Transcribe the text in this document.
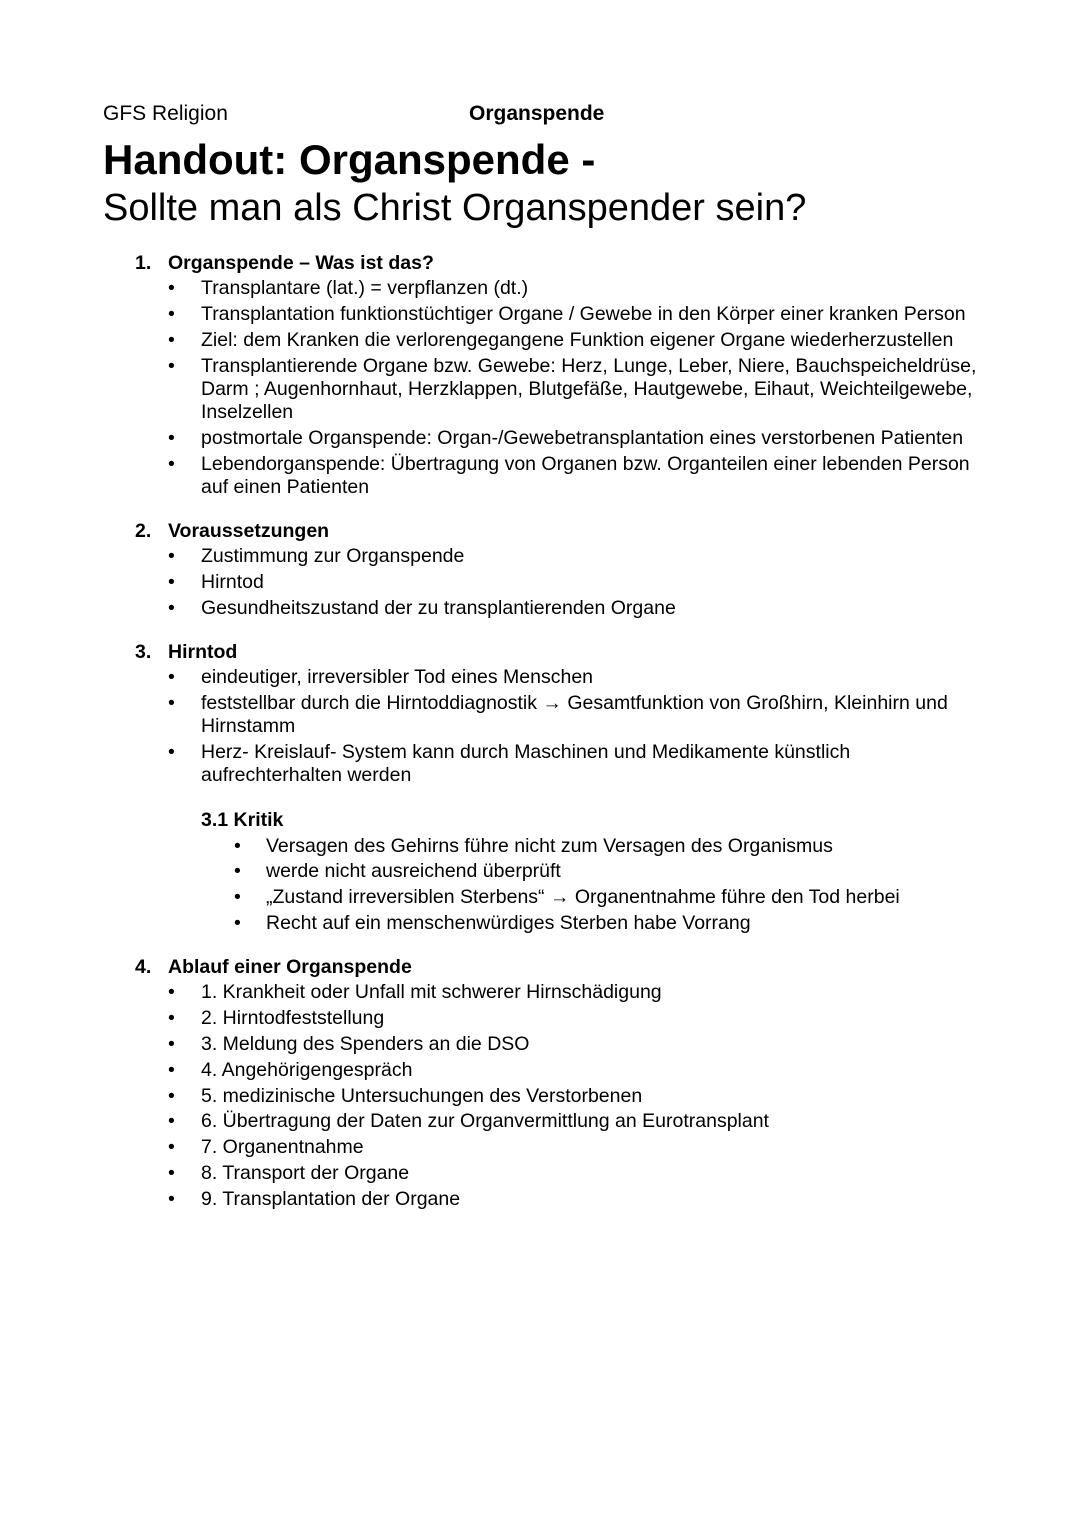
GFS Religion	Organspende
Handout: Organspende -
Sollte man als Christ Organspender sein?
1. Organspende – Was ist das?
• Transplantare (lat.) = verpflanzen (dt.)
• Transplantation funktionstüchtiger Organe / Gewebe in den Körper einer kranken Person
• Ziel: dem Kranken die verlorengegangene Funktion eigener Organe wiederherzustellen
• Transplantierende Organe bzw. Gewebe: Herz, Lunge, Leber, Niere, Bauchspeicheldrüse, Darm ; Augenhornhaut, Herzklappen, Blutgefäße, Hautgewebe, Eihaut, Weichteilgewebe, Inselzellen
• postmortale Organspende: Organ-/Gewebetransplantation eines verstorbenen Patienten
• Lebendorganspende: Übertragung von Organen bzw. Organteilen einer lebenden Person auf einen Patienten
2. Voraussetzungen
• Zustimmung zur Organspende
• Hirntod
• Gesundheitszustand der zu transplantierenden Organe
3. Hirntod
• eindeutiger, irreversibler Tod eines Menschen
• feststellbar durch die Hirntoddiagnostik → Gesamtfunktion von Großhirn, Kleinhirn und Hirnstamm
• Herz- Kreislauf- System kann durch Maschinen und Medikamente künstlich aufrechterhalten werden
3.1 Kritik
• Versagen des Gehirns führe nicht zum Versagen des Organismus
• werde nicht ausreichend überprüft
• „Zustand irreversiblen Sterbens“ → Organentnahme führe den Tod herbei
• Recht auf ein menschenwürdiges Sterben habe Vorrang
4. Ablauf einer Organspende
• 1. Krankheit oder Unfall mit schwerer Hirnschädigung
• 2. Hirntodfeststellung
• 3. Meldung des Spenders an die DSO
• 4. Angehörigengespräch
• 5. medizinische Untersuchungen des Verstorbenen
• 6. Übertragung der Daten zur Organvermittlung an Eurotransplant
• 7. Organentnahme
• 8. Transport der Organe
• 9. Transplantation der Organe
